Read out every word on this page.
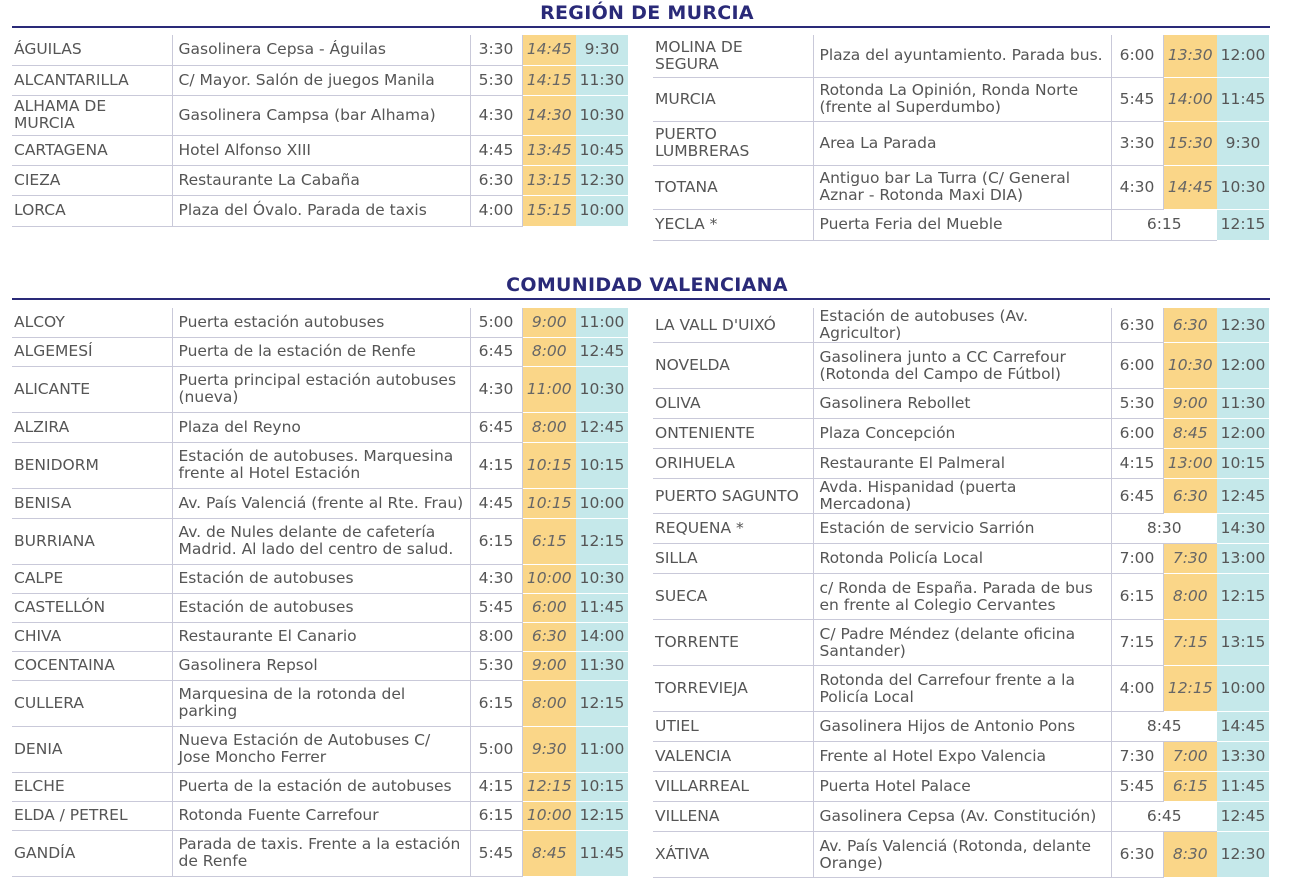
REGIÓN DE MURCIA
ÁGUILAS	Gasolinera Cepsa - Águilas	3:30	14:45	9:30
ALCANTARILLA	C/ Mayor. Salón de juegos Manila	5:30	14:15	11:30
ALHAMA DE MURCIA	Gasolinera Campsa (bar Alhama)	4:30	14:30	10:30
CARTAGENA	Hotel Alfonso XIII	4:45	13:45	10:45
CIEZA	Restaurante La Cabaña	6:30	13:15	12:30
LORCA	Plaza del Óvalo. Parada de taxis	4:00	15:15	10:00
MOLINA DE SEGURA	Plaza del ayuntamiento. Parada bus.	6:00	13:30	12:00
MURCIA	Rotonda La Opinión, Ronda Norte (frente al Superdumbo)	5:45	14:00	11:45
PUERTO LUMBRERAS	Area La Parada	3:30	15:30	9:30
TOTANA	Antiguo bar La Turra (C/ General Aznar - Rotonda Maxi DIA)	4:30	14:45	10:30
YECLA *	Puerta Feria del Mueble	6:15		12:15
COMUNIDAD VALENCIANA
ALCOY	Puerta estación autobuses	5:00	9:00	11:00
ALGEMESÍ	Puerta de la estación de Renfe	6:45	8:00	12:45
ALICANTE	Puerta principal estación autobuses (nueva)	4:30	11:00	10:30
ALZIRA	Plaza del Reyno	6:45	8:00	12:45
BENIDORM	Estación de autobuses. Marquesina frente al Hotel Estación	4:15	10:15	10:15
BENISA	Av. País Valenciá (frente al Rte. Frau)	4:45	10:15	10:00
BURRIANA	Av. de Nules delante de cafetería Madrid. Al lado del centro de salud.	6:15	6:15	12:15
CALPE	Estación de autobuses	4:30	10:00	10:30
CASTELLÓN	Estación de autobuses	5:45	6:00	11:45
CHIVA	Restaurante El Canario	8:00	6:30	14:00
COCENTAINA	Gasolinera Repsol	5:30	9:00	11:30
CULLERA	Marquesina de la rotonda del parking	6:15	8:00	12:15
DENIA	Nueva Estación de Autobuses C/ Jose Moncho Ferrer	5:00	9:30	11:00
ELCHE	Puerta de la estación de autobuses	4:15	12:15	10:15
ELDA / PETREL	Rotonda Fuente Carrefour	6:15	10:00	12:15
GANDÍA	Parada de taxis. Frente a la estación de Renfe	5:45	8:45	11:45
LA VALL D'UIXÓ	Estación de autobuses (Av. Agricultor)	6:30	6:30	12:30
NOVELDA	Gasolinera junto a CC Carrefour (Rotonda del Campo de Fútbol)	6:00	10:30	12:00
OLIVA	Gasolinera Rebollet	5:30	9:00	11:30
ONTENIENTE	Plaza Concepción	6:00	8:45	12:00
ORIHUELA	Restaurante El Palmeral	4:15	13:00	10:15
PUERTO SAGUNTO	Avda. Hispanidad (puerta Mercadona)	6:45	6:30	12:45
REQUENA *	Estación de servicio Sarrión	8:30		14:30
SILLA	Rotonda Policía Local	7:00	7:30	13:00
SUECA	c/ Ronda de España. Parada de bus en frente al Colegio Cervantes	6:15	8:00	12:15
TORRENTE	C/ Padre Méndez (delante oficina Santander)	7:15	7:15	13:15
TORREVIEJA	Rotonda del Carrefour frente a la Policía Local	4:00	12:15	10:00
UTIEL	Gasolinera Hijos de Antonio Pons	8:45		14:45
VALENCIA	Frente al Hotel Expo Valencia	7:30	7:00	13:30
VILLARREAL	Puerta Hotel Palace	5:45	6:15	11:45
VILLENA	Gasolinera Cepsa (Av. Constitución)	6:45		12:45
XÁTIVA	Av. País Valenciá (Rotonda, delante Orange)	6:30	8:30	12:30
